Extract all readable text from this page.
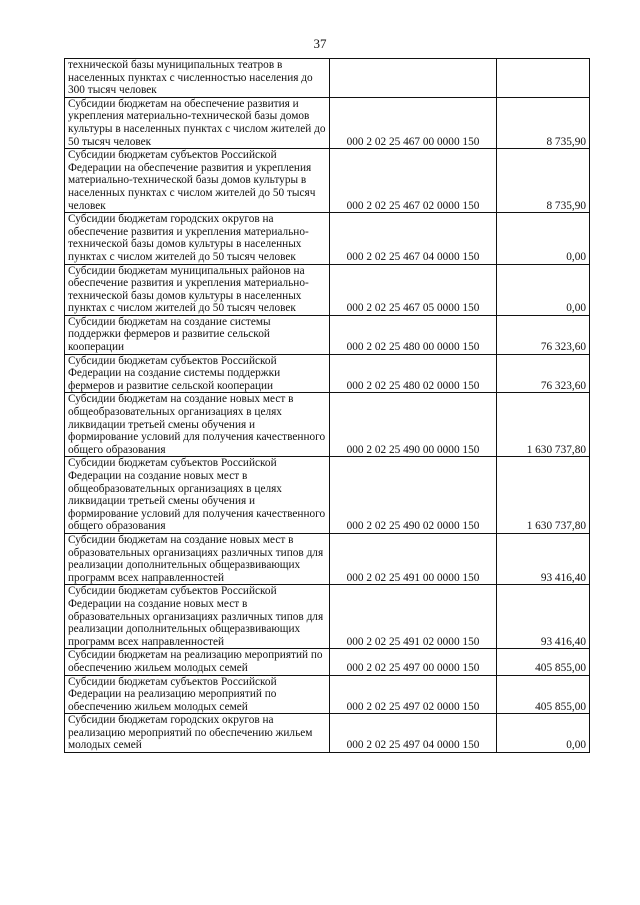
37
технической базы муниципальных театров в населенных пунктах с численностью населения до 300 тысяч человек		
Субсидии бюджетам на обеспечение развития и укрепления материально-технической базы домов культуры в населенных пунктах с числом жителей до 50 тысяч человек	000 2 02 25 467 00 0000 150	8 735,90
Субсидии бюджетам субъектов Российской Федерации на обеспечение развития и укрепления материально-технической базы домов культуры в населенных пунктах с числом жителей до 50 тысяч человек	000 2 02 25 467 02 0000 150	8 735,90
Субсидии бюджетам городских округов на обеспечение развития и укрепления материально-технической базы домов культуры в населенных пунктах с числом жителей до 50 тысяч человек	000 2 02 25 467 04 0000 150	0,00
Субсидии бюджетам муниципальных районов на обеспечение развития и укрепления материально-технической базы домов культуры в населенных пунктах с числом жителей до 50 тысяч человек	000 2 02 25 467 05 0000 150	0,00
Субсидии бюджетам на создание системы поддержки фермеров и развитие сельской кооперации	000 2 02 25 480 00 0000 150	76 323,60
Субсидии бюджетам субъектов Российской Федерации на создание системы поддержки фермеров и развитие сельской кооперации	000 2 02 25 480 02 0000 150	76 323,60
Субсидии бюджетам на создание новых мест в общеобразовательных организациях в целях ликвидации третьей смены обучения и формирование условий для получения качественного общего образования	000 2 02 25 490 00 0000 150	1 630 737,80
Субсидии бюджетам субъектов Российской Федерации на создание новых мест в общеобразовательных организациях в целях ликвидации третьей смены обучения и формирование условий для получения качественного общего образования	000 2 02 25 490 02 0000 150	1 630 737,80
Субсидии бюджетам на создание новых мест в образовательных организациях различных типов для реализации дополнительных общеразвивающих программ всех направленностей	000 2 02 25 491 00 0000 150	93 416,40
Субсидии бюджетам субъектов Российской Федерации на создание новых мест в образовательных организациях различных типов для реализации дополнительных общеразвивающих программ всех направленностей	000 2 02 25 491 02 0000 150	93 416,40
Субсидии бюджетам на реализацию мероприятий по обеспечению жильем молодых семей	000 2 02 25 497 00 0000 150	405 855,00
Субсидии бюджетам субъектов Российской Федерации на реализацию мероприятий по обеспечению жильем молодых семей	000 2 02 25 497 02 0000 150	405 855,00
Субсидии бюджетам городских округов на реализацию мероприятий по обеспечению жильем молодых семей	000 2 02 25 497 04 0000 150	0,00
